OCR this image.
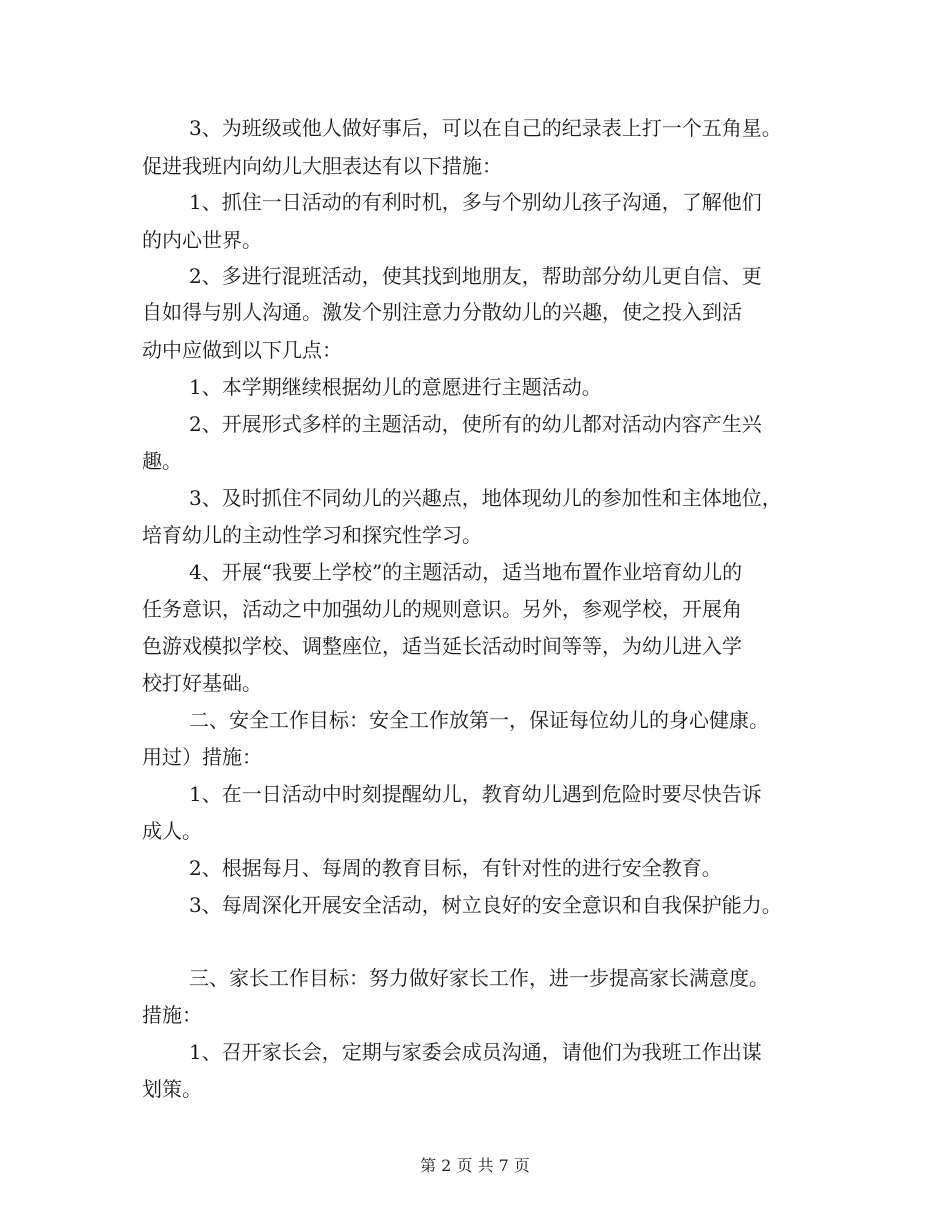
3、为班级或他人做好事后，可以在自己的纪录表上打一个五角星。
促进我班内向幼儿大胆表达有以下措施：
1、抓住一日活动的有利时机，多与个别幼儿孩子沟通，了解他们
的内心世界。
2、多进行混班活动，使其找到地朋友，帮助部分幼儿更自信、更
自如得与别人沟通。激发个别注意力分散幼儿的兴趣，使之投入到活
动中应做到以下几点：
1、本学期继续根据幼儿的意愿进行主题活动。
2、开展形式多样的主题活动，使所有的幼儿都对活动内容产生兴
趣。
3、及时抓住不同幼儿的兴趣点，地体现幼儿的参加性和主体地位，
培育幼儿的主动性学习和探究性学习。
4、开展“我要上学校”的主题活动，适当地布置作业培育幼儿的
任务意识，活动之中加强幼儿的规则意识。另外，参观学校，开展角
色游戏模拟学校、调整座位，适当延长活动时间等等，为幼儿进入学
校打好基础。
二、安全工作目标：安全工作放第一，保证每位幼儿的身心健康。
用过）措施：
1、在一日活动中时刻提醒幼儿，教育幼儿遇到危险时要尽快告诉
成人。
2、根据每月、每周的教育目标，有针对性的进行安全教育。
3、每周深化开展安全活动，树立良好的安全意识和自我保护能力。
三、家长工作目标：努力做好家长工作，进一步提高家长满意度。
措施：
1、召开家长会，定期与家委会成员沟通，请他们为我班工作出谋
划策。
第 2 页 共 7 页
